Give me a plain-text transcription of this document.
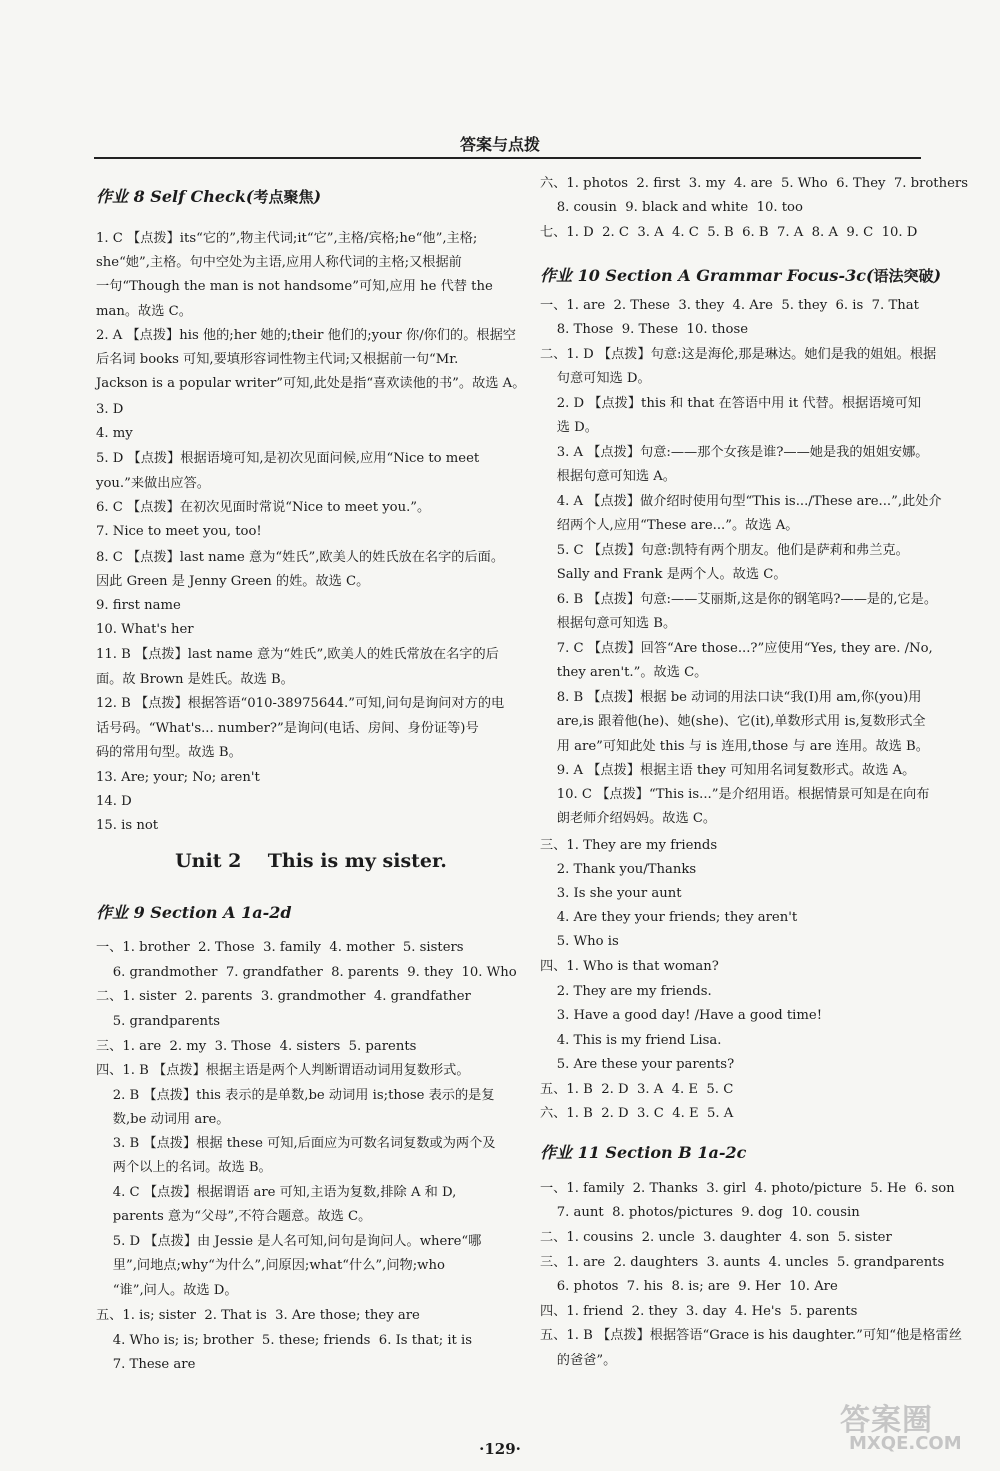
答案与点拨
作业 8 Self Check(考点聚焦)
1. C 【点拨】its“它的”,物主代词;it“它”,主格/宾格;he“他”,主格;
she“她”,主格。句中空处为主语,应用人称代词的主格;又根据前
一句“Though the man is not handsome”可知,应用 he 代替 the
man。故选 C。
2. A 【点拨】his 他的;her 她的;their 他们的;your 你/你们的。根据空
后名词 books 可知,要填形容词性物主代词;又根据前一句“Mr.
Jackson is a popular writer”可知,此处是指“喜欢读他的书”。故选 A。
3. D
4. my
5. D 【点拨】根据语境可知,是初次见面问候,应用“Nice to meet
you.”来做出应答。
6. C 【点拨】在初次见面时常说“Nice to meet you.”。
7. Nice to meet you, too!
8. C 【点拨】last name 意为“姓氏”,欧美人的姓氏放在名字的后面。
因此 Green 是 Jenny Green 的姓。故选 C。
9. first name
10. What's her
11. B 【点拨】last name 意为“姓氏”,欧美人的姓氏常放在名字的后
面。故 Brown 是姓氏。故选 B。
12. B 【点拨】根据答语“010-38975644.”可知,问句是询问对方的电
话号码。“What's... number?”是询问(电话、房间、身份证等)号
码的常用句型。故选 B。
13. Are; your; No; aren't
14. D
15. is not
Unit 2    This is my sister.
作业 9 Section A 1a-2d
一、1. brother  2. Those  3. family  4. mother  5. sisters
6. grandmother  7. grandfather  8. parents  9. they  10. Who
二、1. sister  2. parents  3. grandmother  4. grandfather
5. grandparents
三、1. are  2. my  3. Those  4. sisters  5. parents
四、1. B 【点拨】根据主语是两个人判断谓语动词用复数形式。
2. B 【点拨】this 表示的是单数,be 动词用 is;those 表示的是复
数,be 动词用 are。
3. B 【点拨】根据 these 可知,后面应为可数名词复数或为两个及
两个以上的名词。故选 B。
4. C 【点拨】根据谓语 are 可知,主语为复数,排除 A 和 D,
parents 意为“父母”,不符合题意。故选 C。
5. D 【点拨】由 Jessie 是人名可知,问句是询问人。where“哪
里”,问地点;why“为什么”,问原因;what“什么”,问物;who
“谁”,问人。故选 D。
五、1. is; sister  2. That is  3. Are those; they are
4. Who is; is; brother  5. these; friends  6. Is that; it is
7. These are
六、1. photos  2. first  3. my  4. are  5. Who  6. They  7. brothers
8. cousin  9. black and white  10. too
七、1. D  2. C  3. A  4. C  5. B  6. B  7. A  8. A  9. C  10. D
作业 10 Section A Grammar Focus-3c(语法突破)
一、1. are  2. These  3. they  4. Are  5. they  6. is  7. That
8. Those  9. These  10. those
二、1. D 【点拨】句意:这是海伦,那是琳达。她们是我的姐姐。根据
句意可知选 D。
2. D 【点拨】this 和 that 在答语中用 it 代替。根据语境可知
选 D。
3. A 【点拨】句意:——那个女孩是谁?——她是我的姐姐安娜。
根据句意可知选 A。
4. A 【点拨】做介绍时使用句型“This is.../These are...”,此处介
绍两个人,应用“These are...”。故选 A。
5. C 【点拨】句意:凯特有两个朋友。他们是萨莉和弗兰克。
Sally and Frank 是两个人。故选 C。
6. B 【点拨】句意:——艾丽斯,这是你的钢笔吗?——是的,它是。
根据句意可知选 B。
7. C 【点拨】回答“Are those...?”应使用“Yes, they are. /No,
they aren't.”。故选 C。
8. B 【点拨】根据 be 动词的用法口诀“我(I)用 am,你(you)用
are,is 跟着他(he)、她(she)、它(it),单数形式用 is,复数形式全
用 are”可知此处 this 与 is 连用,those 与 are 连用。故选 B。
9. A 【点拨】根据主语 they 可知用名词复数形式。故选 A。
10. C 【点拨】“This is...”是介绍用语。根据情景可知是在向布
朗老师介绍妈妈。故选 C。
三、1. They are my friends
2. Thank you/Thanks
3. Is she your aunt
4. Are they your friends; they aren't
5. Who is
四、1. Who is that woman?
2. They are my friends.
3. Have a good day! /Have a good time!
4. This is my friend Lisa.
5. Are these your parents?
五、1. B  2. D  3. A  4. E  5. C
六、1. B  2. D  3. C  4. E  5. A
作业 11 Section B 1a-2c
一、1. family  2. Thanks  3. girl  4. photo/picture  5. He  6. son
7. aunt  8. photos/pictures  9. dog  10. cousin
二、1. cousins  2. uncle  3. daughter  4. son  5. sister
三、1. are  2. daughters  3. aunts  4. uncles  5. grandparents
6. photos  7. his  8. is; are  9. Her  10. Are
四、1. friend  2. they  3. day  4. He's  5. parents
五、1. B 【点拨】根据答语“Grace is his daughter.”可知“他是格雷丝
的爸爸”。
·129·
答案圈
MXQE.COM
